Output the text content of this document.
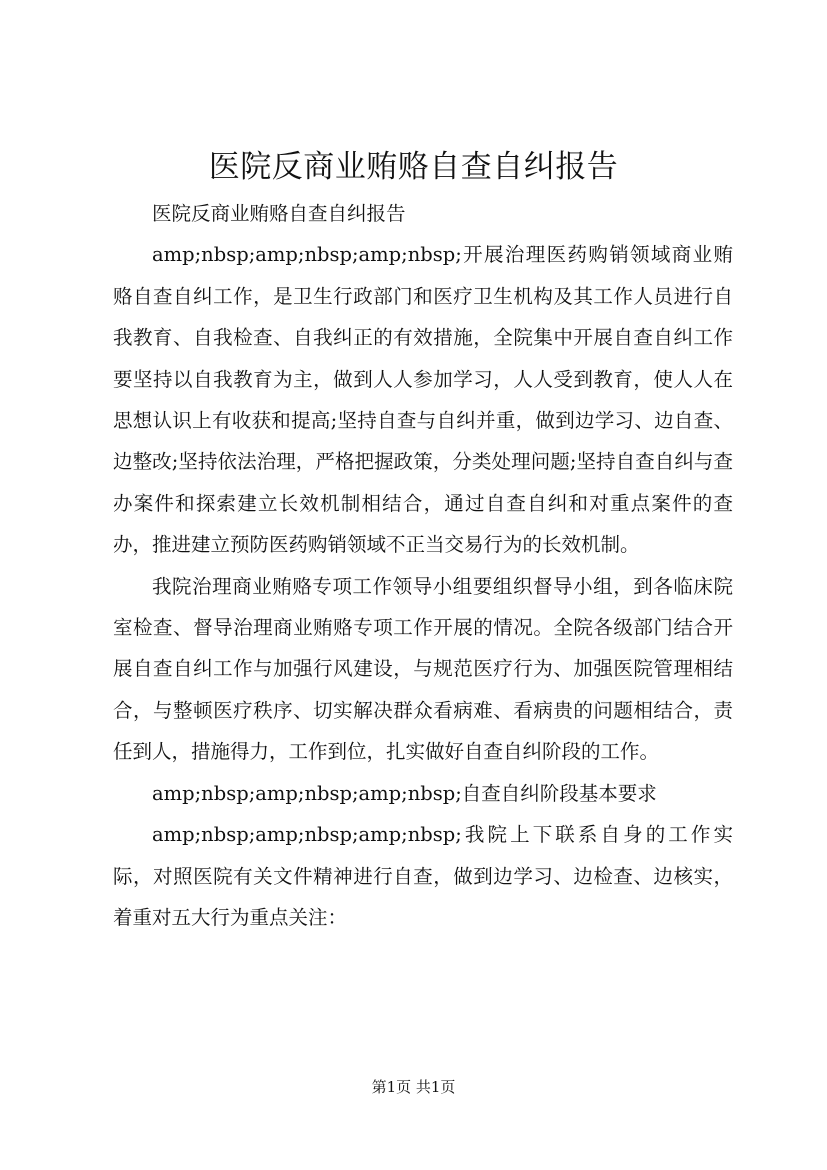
医院反商业贿赂自查自纠报告

医院反商业贿赂自查自纠报告

amp;nbsp;amp;nbsp;amp;nbsp;开展治理医药购销领域商业贿赂自查自纠工作，是卫生行政部门和医疗卫生机构及其工作人员进行自我教育、自我检查、自我纠正的有效措施，全院集中开展自查自纠工作要坚持以自我教育为主，做到人人参加学习，人人受到教育，使人人在思想认识上有收获和提高;坚持自查与自纠并重，做到边学习、边自查、边整改;坚持依法治理，严格把握政策，分类处理问题;坚持自查自纠与查办案件和探索建立长效机制相结合，通过自查自纠和对重点案件的查办，推进建立预防医药购销领域不正当交易行为的长效机制。

我院治理商业贿赂专项工作领导小组要组织督导小组，到各临床院室检查、督导治理商业贿赂专项工作开展的情况。全院各级部门结合开展自查自纠工作与加强行风建设，与规范医疗行为、加强医院管理相结合，与整顿医疗秩序、切实解决群众看病难、看病贵的问题相结合，责任到人，措施得力，工作到位，扎实做好自查自纠阶段的工作。

amp;nbsp;amp;nbsp;amp;nbsp;自查自纠阶段基本要求

amp;nbsp;amp;nbsp;amp;nbsp;我院上下联系自身的工作实际，对照医院有关文件精神进行自查，做到边学习、边检查、边核实，着重对五大行为重点关注：

第1页 共1页
